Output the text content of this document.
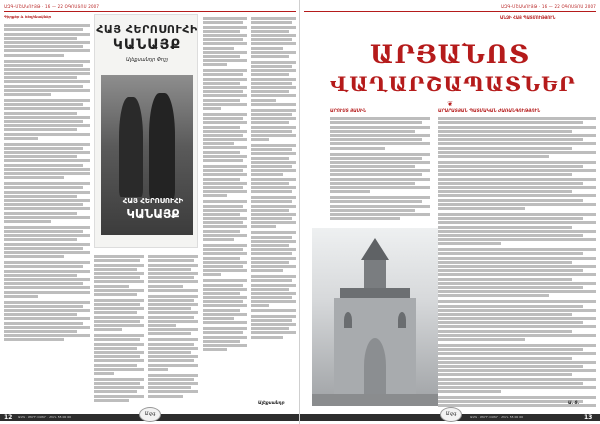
ԱԶԳ-ՄՇԱԿՈՒՅԹ · 16 — 22 ՕԳՈՍՏՈՍ 2007
Գիրքեր և հեղինակներ
ՀԱՅ ՀԵՐՈՍՈՒՀԻ
ԿԱՆԱՅՔ
Ալեքսանդր Փոշյ
ՀԱՅ ՀԵՐՈՍՈՒՀԻ
ԿԱՆԱՅՔ
Ալեքսանդր
12 ԱԶԳ · ՄԵՐԻ ՕՍԵՐ · ՀԵՌ. 55 00 00	Ազգ
ԱԶԳ-ՄՇԱԿՈՒՅԹ · 16 — 22 ՕԳՈՍՏՈՍ 2007
ԱՆՁԻ ՀԱՅ ՊԱՏՄՈՒԹՅՈՒՆ
ԱՐՅԱՆՈՏ
ՎԱՂԱՐՇԱՊԱՏՆԵՐ
❦
ԱՐՈՒՍՏ ՅԱՍԻՆ	ԱՐԱՐԱՏՅԱՆ ՊԱՏՄԱԿԱՆ ԺԱՌԱՆԳՈՒԹՅՈՒՆ
Ա. Ց.
13
ԱԶԳ · ՄԵՐԻ ՕՍԵՐ · ՀԵՌ. 55 00 00
Ազգ
